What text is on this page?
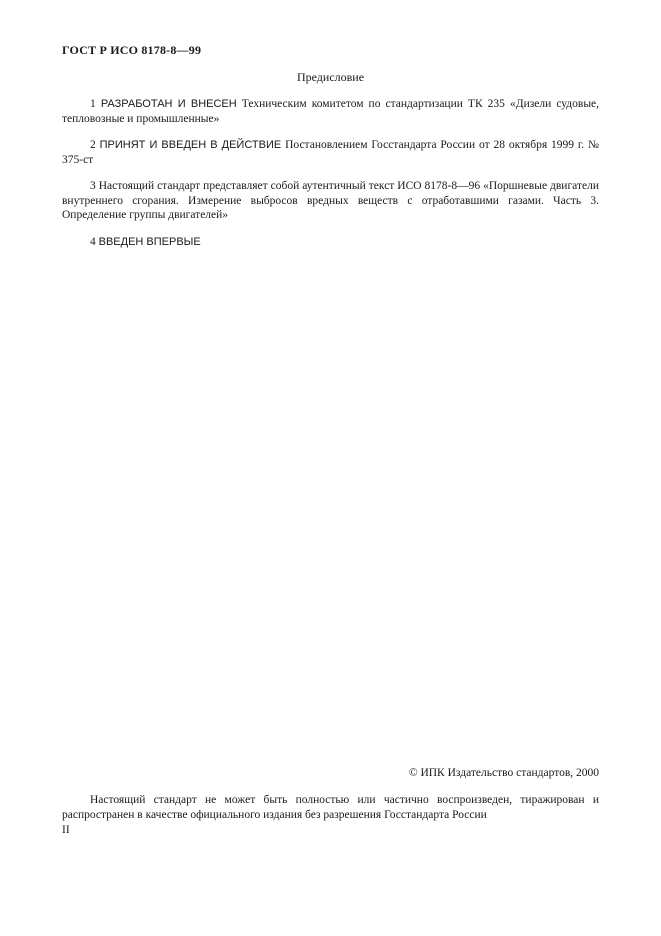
ГОСТ Р ИСО 8178-8—99
Предисловие

1 РАЗРАБОТАН И ВНЕСЕН Техническим комитетом по стандартизации ТК 235 «Дизели судовые, тепловозные и промышленные»

2 ПРИНЯТ И ВВЕДЕН В ДЕЙСТВИЕ Постановлением Госстандарта России от 28 октября 1999 г. № 375-ст

3 Настоящий стандарт представляет собой аутентичный текст ИСО 8178-8—96 «Поршневые двигатели внутреннего сгорания. Измерение выбросов вредных веществ с отработавшими газами. Часть 3. Определение группы двигателей»

4 ВВЕДЕН ВПЕРВЫЕ

© ИПК Издательство стандартов, 2000
Настоящий стандарт не может быть полностью или частично воспроизведен, тиражирован и распространен в качестве официального издания без разрешения Госстандарта России
II
